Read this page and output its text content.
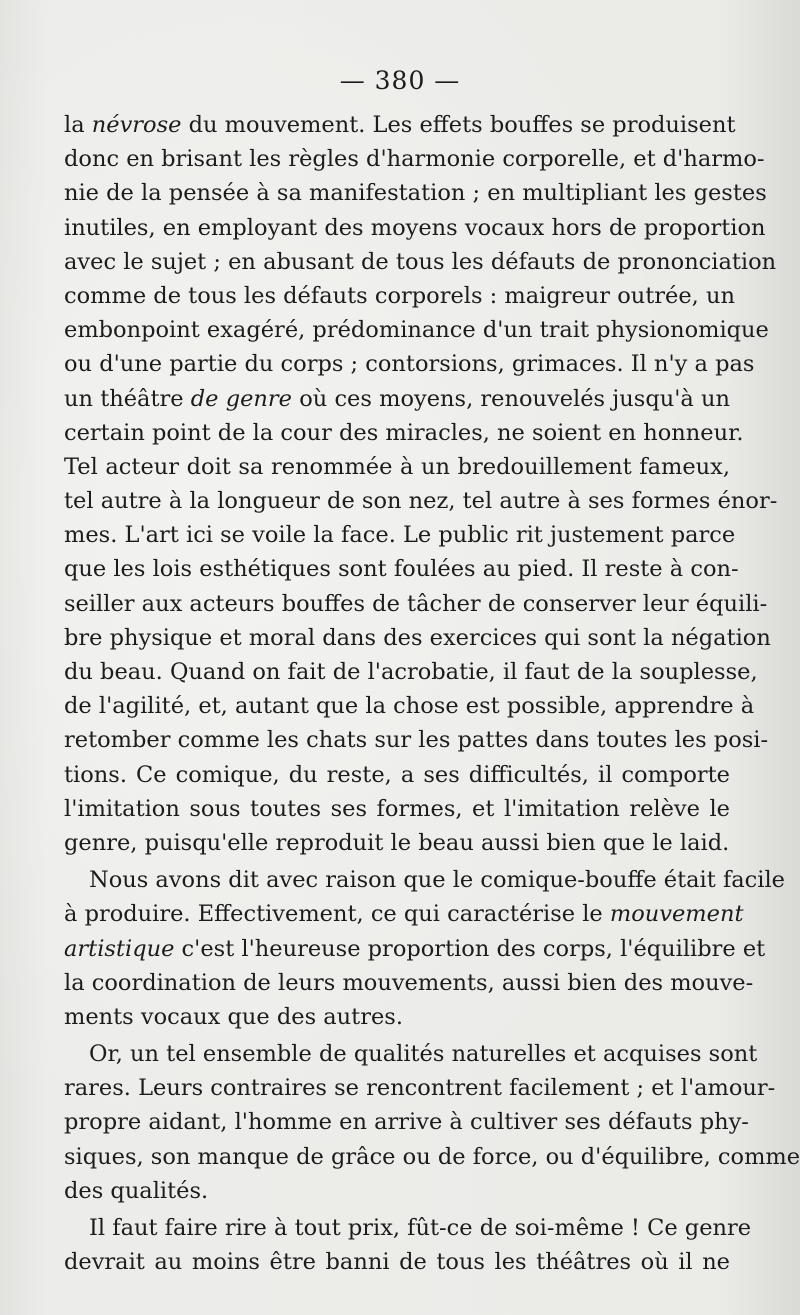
— 380 —
la névrose du mouvement. Les effets bouffes se produisent
donc en brisant les règles d'harmonie corporelle, et d'harmo-
nie de la pensée à sa manifestation ; en multipliant les gestes
inutiles, en employant des moyens vocaux hors de proportion
avec le sujet ; en abusant de tous les défauts de prononciation
comme de tous les défauts corporels : maigreur outrée, un
embonpoint exagéré, prédominance d'un trait physionomique
ou d'une partie du corps ; contorsions, grimaces. Il n'y a pas
un théâtre de genre où ces moyens, renouvelés jusqu'à un
certain point de la cour des miracles, ne soient en honneur.
Tel acteur doit sa renommée à un bredouillement fameux,
tel autre à la longueur de son nez, tel autre à ses formes énor-
mes. L'art ici se voile la face. Le public rit justement parce
que les lois esthétiques sont foulées au pied. Il reste à con-
seiller aux acteurs bouffes de tâcher de conserver leur équili-
bre physique et moral dans des exercices qui sont la négation
du beau. Quand on fait de l'acrobatie, il faut de la souplesse,
de l'agilité, et, autant que la chose est possible, apprendre à
retomber comme les chats sur les pattes dans toutes les posi-
tions. Ce comique, du reste, a ses difficultés, il comporte
l'imitation sous toutes ses formes, et l'imitation relève le
genre, puisqu'elle reproduit le beau aussi bien que le laid.
Nous avons dit avec raison que le comique-bouffe était facile
à produire. Effectivement, ce qui caractérise le mouvement
artistique c'est l'heureuse proportion des corps, l'équilibre et
la coordination de leurs mouvements, aussi bien des mouve-
ments vocaux que des autres.
Or, un tel ensemble de qualités naturelles et acquises sont
rares. Leurs contraires se rencontrent facilement ; et l'amour-
propre aidant, l'homme en arrive à cultiver ses défauts phy-
siques, son manque de grâce ou de force, ou d'équilibre, comme
des qualités.
Il faut faire rire à tout prix, fût-ce de soi-même ! Ce genre
devrait au moins être banni de tous les théâtres où il ne
